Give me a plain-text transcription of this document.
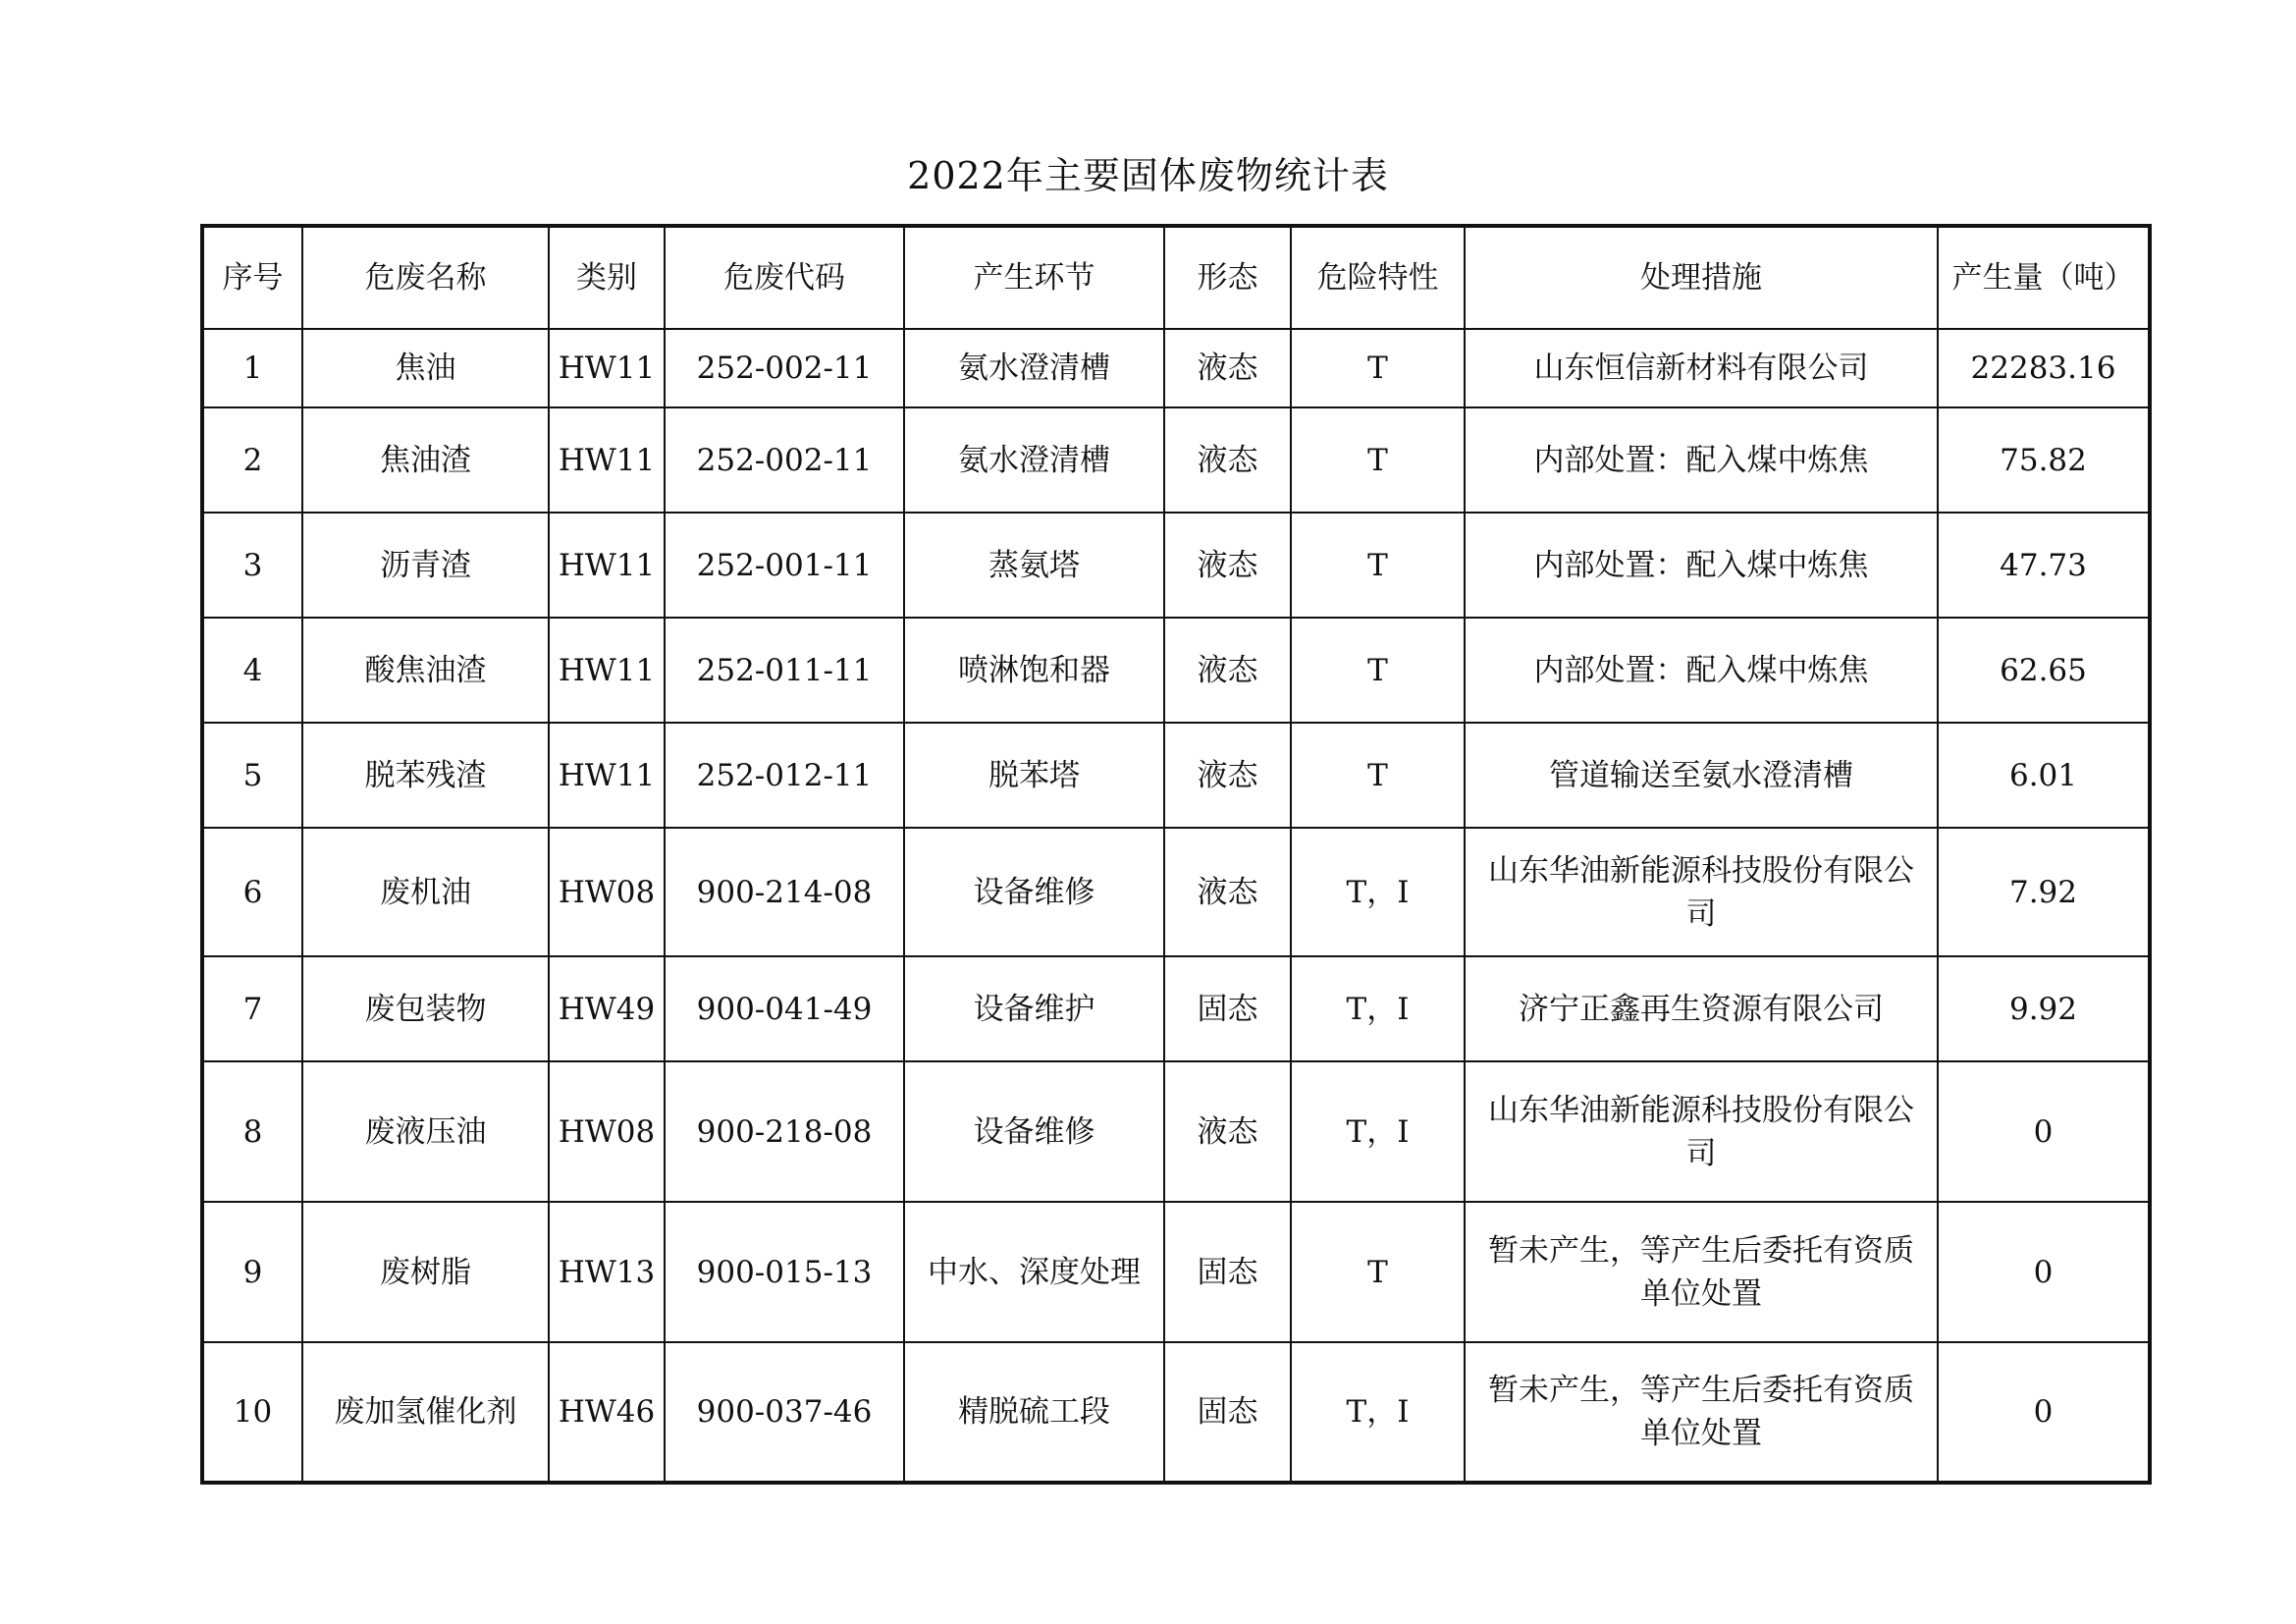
2022年主要固体废物统计表
序号	危废名称	类别	危废代码	产生环节	形态	危险特性	处理措施	产生量（吨）
1	焦油	HW11	252-002-11	氨水澄清槽	液态	T	山东恒信新材料有限公司	22283.16
2	焦油渣	HW11	252-002-11	氨水澄清槽	液态	T	内部处置：配入煤中炼焦	75.82
3	沥青渣	HW11	252-001-11	蒸氨塔	液态	T	内部处置：配入煤中炼焦	47.73
4	酸焦油渣	HW11	252-011-11	喷淋饱和器	液态	T	内部处置：配入煤中炼焦	62.65
5	脱苯残渣	HW11	252-012-11	脱苯塔	液态	T	管道输送至氨水澄清槽	6.01
6	废机油	HW08	900-214-08	设备维修	液态	T，I	山东华油新能源科技股份有限公司	7.92
7	废包装物	HW49	900-041-49	设备维护	固态	T，I	济宁正鑫再生资源有限公司	9.92
8	废液压油	HW08	900-218-08	设备维修	液态	T，I	山东华油新能源科技股份有限公司	0
9	废树脂	HW13	900-015-13	中水、深度处理	固态	T	暂未产生，等产生后委托有资质单位处置	0
10	废加氢催化剂	HW46	900-037-46	精脱硫工段	固态	T，I	暂未产生，等产生后委托有资质单位处置	0
